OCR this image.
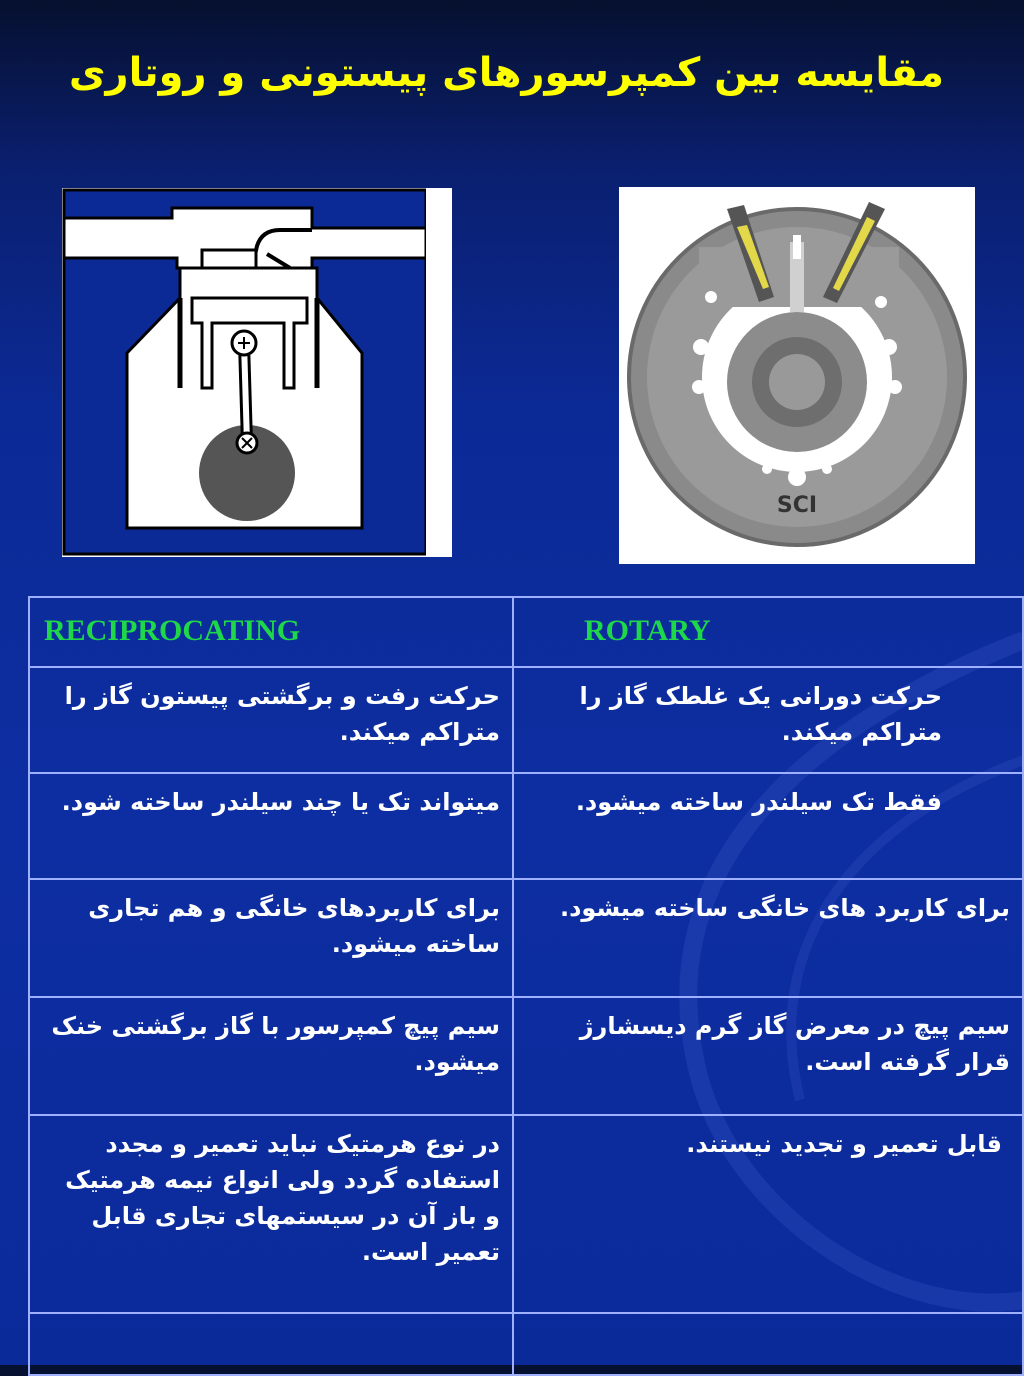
مقایسه بین کمپرسورهای پیستونی و روتاری
SCI
RECIPROCATING	ROTARY
حرکت رفت و برگشتی پیستون گاز را متراکم میکند.	حرکت دورانی یک غلطک گاز را متراکم میکند.
میتواند تک یا چند سیلندر ساخته شود.	فقط تک سیلندر ساخته میشود.
برای کاربردهای خانگی و هم تجاری ساخته میشود.	برای کاربرد های خانگی ساخته میشود.
سیم پیچ کمپرسور با گاز برگشتی خنک میشود.	سیم پیچ در معرض گاز گرم دیسشارژ قرار گرفته است.
در نوع هرمتیک نباید تعمیر و مجدد استفاده گردد ولی انواع نیمه هرمتیک و باز آن در سیستمهای تجاری قابل تعمیر است.	قابل تعمیر و تجدید نیستند.
